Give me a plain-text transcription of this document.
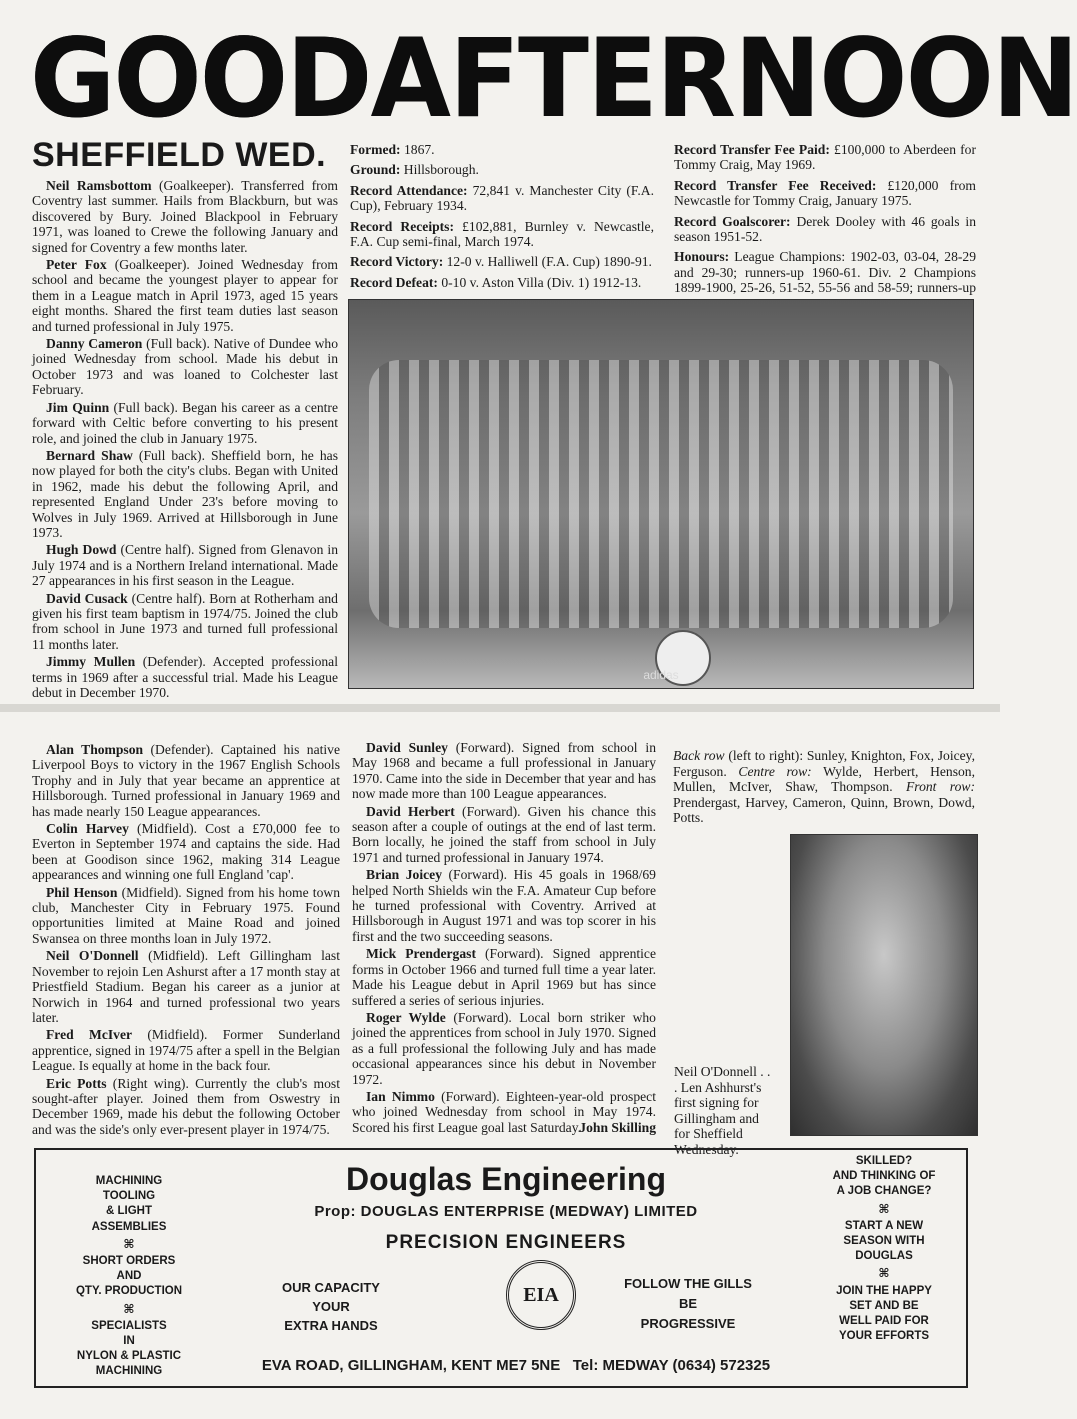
GOOD AFTERNOON
SHEFFIELD WED.

Neil Ramsbottom (Goalkeeper). Transferred from Coventry last summer. Hails from Blackburn, but was discovered by Bury. Joined Blackpool in February 1971, was loaned to Crewe the following January and signed for Coventry a few months later.

Peter Fox (Goalkeeper). Joined Wednesday from school and became the youngest player to appear for them in a League match in April 1973, aged 15 years eight months. Shared the first team duties last season and turned professional in July 1975.

Danny Cameron (Full back). Native of Dundee who joined Wednesday from school. Made his debut in October 1973 and was loaned to Colchester last February.

Jim Quinn (Full back). Began his career as a centre forward with Celtic before converting to his present role, and joined the club in January 1975.

Bernard Shaw (Full back). Sheffield born, he has now played for both the city's clubs. Began with United in 1962, made his debut the following April, and represented England Under 23's before moving to Wolves in July 1969. Arrived at Hillsborough in June 1973.

Hugh Dowd (Centre half). Signed from Glenavon in July 1974 and is a Northern Ireland international. Made 27 appearances in his first season in the League.

David Cusack (Centre half). Born at Rotherham and given his first team baptism in 1974/75. Joined the club from school in June 1973 and turned full professional 11 months later.

Jimmy Mullen (Defender). Accepted professional terms in 1969 after a successful trial. Made his League debut in December 1970.

Formed: 1867.

Ground: Hillsborough.

Record Attendance: 72,841 v. Manchester City (F.A. Cup), February 1934.

Record Receipts: £102,881, Burnley v. Newcastle, F.A. Cup semi-final, March 1974.

Record Victory: 12-0 v. Halliwell (F.A. Cup) 1890-91.

Record Defeat: 0-10 v. Aston Villa (Div. 1) 1912-13.

Record Transfer Fee Paid: £100,000 to Aberdeen for Tommy Craig, May 1969.

Record Transfer Fee Received: £120,000 from Newcastle for Tommy Craig, January 1975.

Record Goalscorer: Derek Dooley with 46 goals in season 1951-52.

Honours: League Champions: 1902-03, 03-04, 28-29 and 29-30; runners-up 1960-61. Div. 2 Champions 1899-1900, 25-26, 51-52, 55-56 and 58-59; runners-up

adidas

Alan Thompson (Defender). Captained his native Liverpool Boys to victory in the 1967 English Schools Trophy and in July that year became an apprentice at Hillsborough. Turned professional in January 1969 and has made nearly 150 League appearances.

Colin Harvey (Midfield). Cost a £70,000 fee to Everton in September 1974 and captains the side. Had been at Goodison since 1962, making 314 League appearances and winning one full England 'cap'.

Phil Henson (Midfield). Signed from his home town club, Manchester City in February 1975. Found opportunities limited at Maine Road and joined Swansea on three months loan in July 1972.

Neil O'Donnell (Midfield). Left Gillingham last November to rejoin Len Ashurst after a 17 month stay at Priestfield Stadium. Began his career as a junior at Norwich in 1964 and turned professional two years later.

Fred McIver (Midfield). Former Sunderland apprentice, signed in 1974/75 after a spell in the Belgian League. Is equally at home in the back four.

Eric Potts (Right wing). Currently the club's most sought-after player. Joined them from Oswestry in December 1969, made his debut the following October and was the side's only ever-present player in 1974/75.

David Sunley (Forward). Signed from school in May 1968 and became a full professional in January 1970. Came into the side in December that year and has now made more than 100 League appearances.

David Herbert (Forward). Given his chance this season after a couple of outings at the end of last term. Born locally, he joined the staff from school in July 1971 and turned professional in January 1974.

Brian Joicey (Forward). His 45 goals in 1968/69 helped North Shields win the F.A. Amateur Cup before he turned professional with Coventry. Arrived at Hillsborough in August 1971 and was top scorer in his first and the two succeeding seasons.

Mick Prendergast (Forward). Signed apprentice forms in October 1966 and turned full time a year later. Made his League debut in April 1969 but has since suffered a series of serious injuries.

Roger Wylde (Forward). Local born striker who joined the apprentices from school in July 1970. Signed as a full professional the following July and has made occasional appearances since his debut in November 1972.

Ian Nimmo (Forward). Eighteen-year-old prospect who joined Wednesday from school in May 1974. Scored his first League goal last Saturday.

John Skilling
Back row (left to right): Sunley, Knighton, Fox, Joicey, Ferguson. Centre row: Wylde, Herbert, Henson, Mullen, McIver, Shaw, Thompson. Front row: Prendergast, Harvey, Cameron, Quinn, Brown, Dowd, Potts.
Neil O'Donnell . . . Len Ashhurst's first signing for Gillingham and for Sheffield Wednesday.
MACHINING
TOOLING
& LIGHT
ASSEMBLIES
⌘
SHORT ORDERS
AND
QTY. PRODUCTION
⌘
SPECIALISTS
IN
NYLON & PLASTIC
MACHINING
Douglas Engineering
Prop: DOUGLAS ENTERPRISE (MEDWAY) LIMITED
PRECISION ENGINEERS
OUR CAPACITY
YOUR
EXTRA HANDS
EIA	FOLLOW THE GILLS
BE
PROGRESSIVE
EVA ROAD, GILLINGHAM, KENT ME7 5NE   Tel: MEDWAY (0634) 572325
SKILLED?
AND THINKING OF
A JOB CHANGE?
⌘
START A NEW
SEASON WITH
DOUGLAS
⌘
JOIN THE HAPPY
SET AND BE
WELL PAID FOR
YOUR EFFORTS
